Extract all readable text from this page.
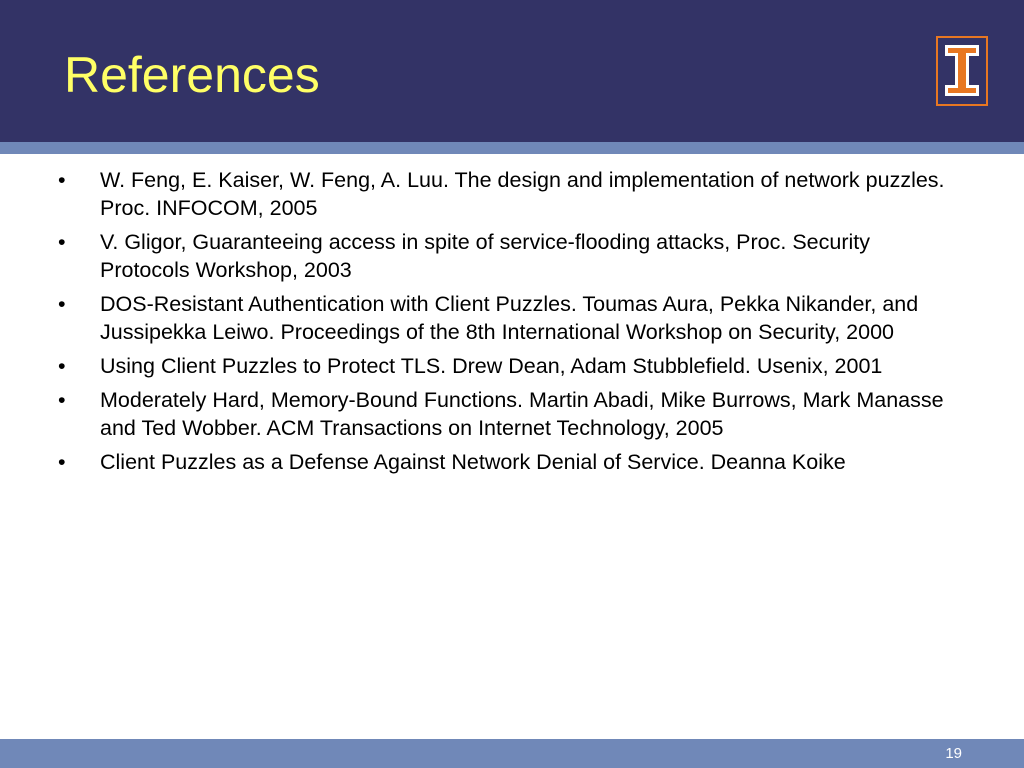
References
•	W. Feng, E. Kaiser, W. Feng, A. Luu. The design and implementation of network puzzles. Proc. INFOCOM, 2005
•	V. Gligor, Guaranteeing access in spite of service-flooding attacks, Proc. Security Protocols Workshop, 2003
•	DOS-Resistant Authentication with Client Puzzles. Toumas Aura, Pekka Nikander, and Jussipekka Leiwo. Proceedings of the 8th International Workshop on Security, 2000
•	Using Client Puzzles to Protect TLS. Drew Dean, Adam Stubblefield. Usenix, 2001
•	Moderately Hard, Memory-Bound Functions. Martin Abadi, Mike Burrows, Mark Manasse and Ted Wobber. ACM Transactions on Internet Technology, 2005
•	Client Puzzles as a Defense Against Network Denial of Service. Deanna Koike
19
